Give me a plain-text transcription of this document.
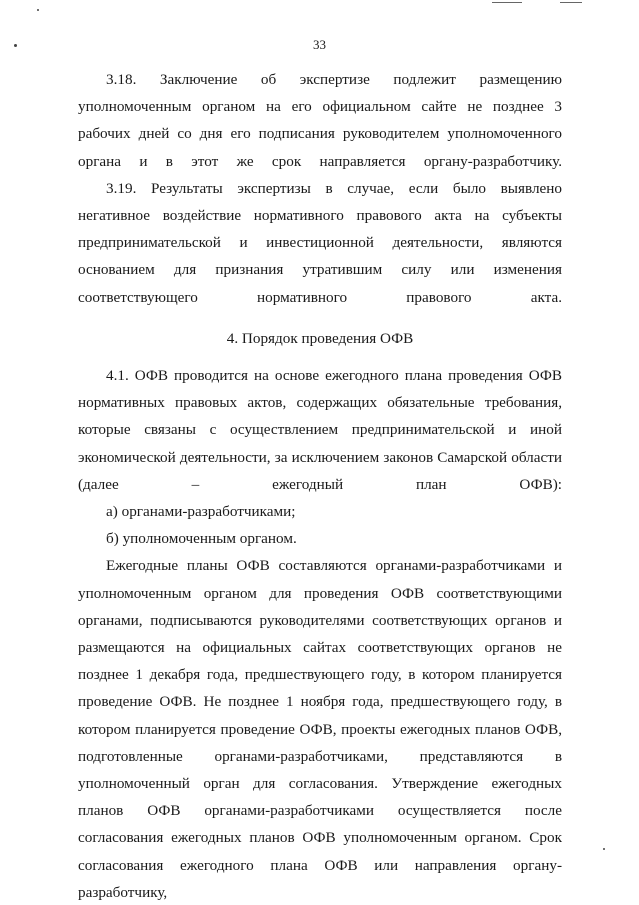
33

3.18. Заключение об экспертизе подлежит размещению уполномоченным органом на его официальном сайте не позднее 3 рабочих дней со дня его подписания руководителем уполномоченного органа и в этот же срок направляется органу-разработчику.

3.19. Результаты экспертизы в случае, если было выявлено негативное воздействие нормативного правового акта на субъекты предпринимательской и инвестиционной деятельности, являются основанием для признания утратившим силу или изменения соответствующего нормативного правового акта.

4. Порядок проведения ОФВ

4.1. ОФВ проводится на основе ежегодного плана проведения ОФВ нормативных правовых актов, содержащих обязательные требования, которые связаны с осуществлением предпринимательской и иной экономической деятельности, за исключением законов Самарской области (далее – ежегодный план ОФВ):

а) органами-разработчиками;

б) уполномоченным органом.

Ежегодные планы ОФВ составляются органами-разработчиками и уполномоченным органом для проведения ОФВ соответствующими органами, подписываются руководителями соответствующих органов и размещаются на официальных сайтах соответствующих органов не позднее 1 декабря года, предшествующего году, в котором планируется проведение ОФВ. Не позднее 1 ноября года, предшествующего году, в котором планируется проведение ОФВ, проекты ежегодных планов ОФВ, подготовленные органами-разработчиками, представляются в уполномоченный орган для согласования. Утверждение ежегодных планов ОФВ органами-разработчиками осуществляется после согласования ежегодных планов ОФВ уполномоченным органом. Срок согласования ежегодного плана ОФВ или направления органу-разработчику,
